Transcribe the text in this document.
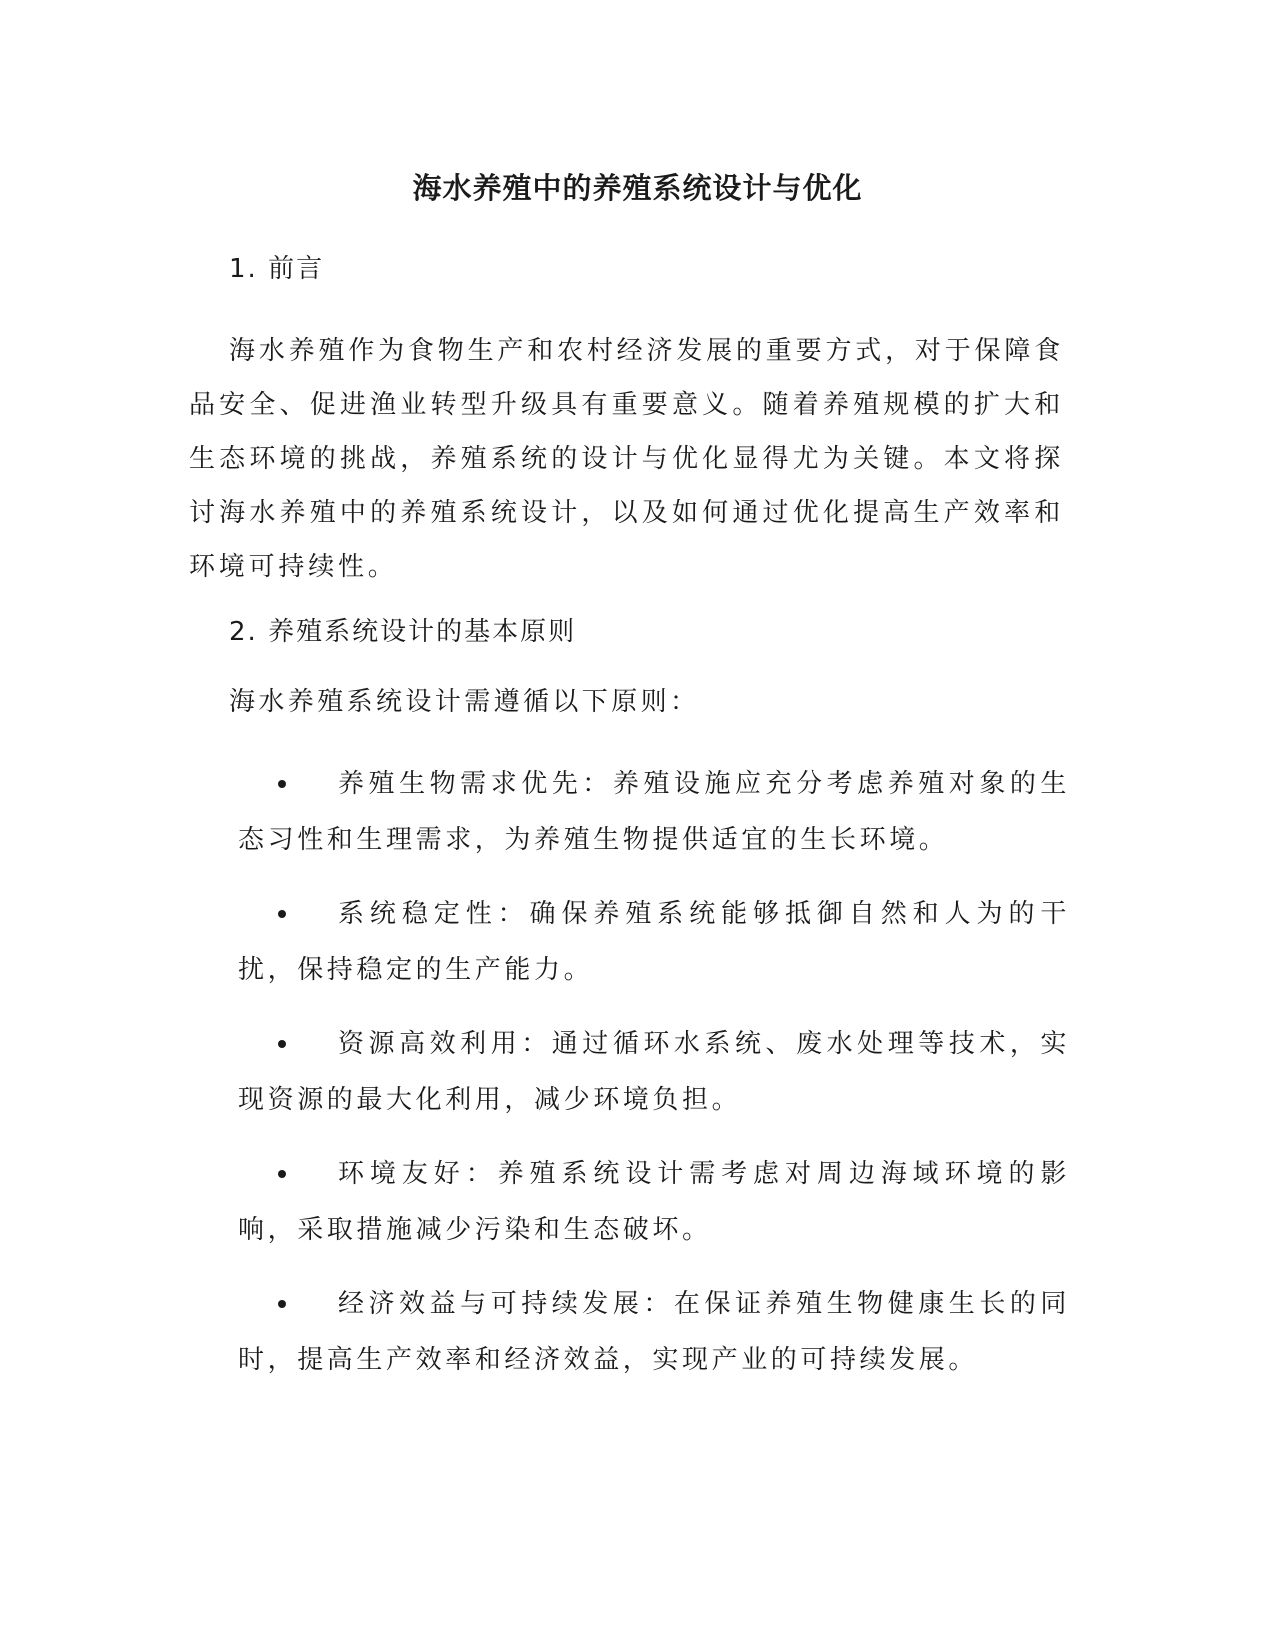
海水养殖中的养殖系统设计与优化
1. 前言

海水养殖作为食物生产和农村经济发展的重要方式，对于保障食品安全、促进渔业转型升级具有重要意义。随着养殖规模的扩大和生态环境的挑战，养殖系统的设计与优化显得尤为关键。本文将探讨海水养殖中的养殖系统设计，以及如何通过优化提高生产效率和环境可持续性。

2. 养殖系统设计的基本原则

海水养殖系统设计需遵循以下原则：

养殖生物需求优先：养殖设施应充分考虑养殖对象的生态习性和生理需求，为养殖生物提供适宜的生长环境。
系统稳定性：确保养殖系统能够抵御自然和人为的干扰，保持稳定的生产能力。
资源高效利用：通过循环水系统、废水处理等技术，实现资源的最大化利用，减少环境负担。
环境友好：养殖系统设计需考虑对周边海域环境的影响，采取措施减少污染和生态破坏。
经济效益与可持续发展：在保证养殖生物健康生长的同时，提高生产效率和经济效益，实现产业的可持续发展。
